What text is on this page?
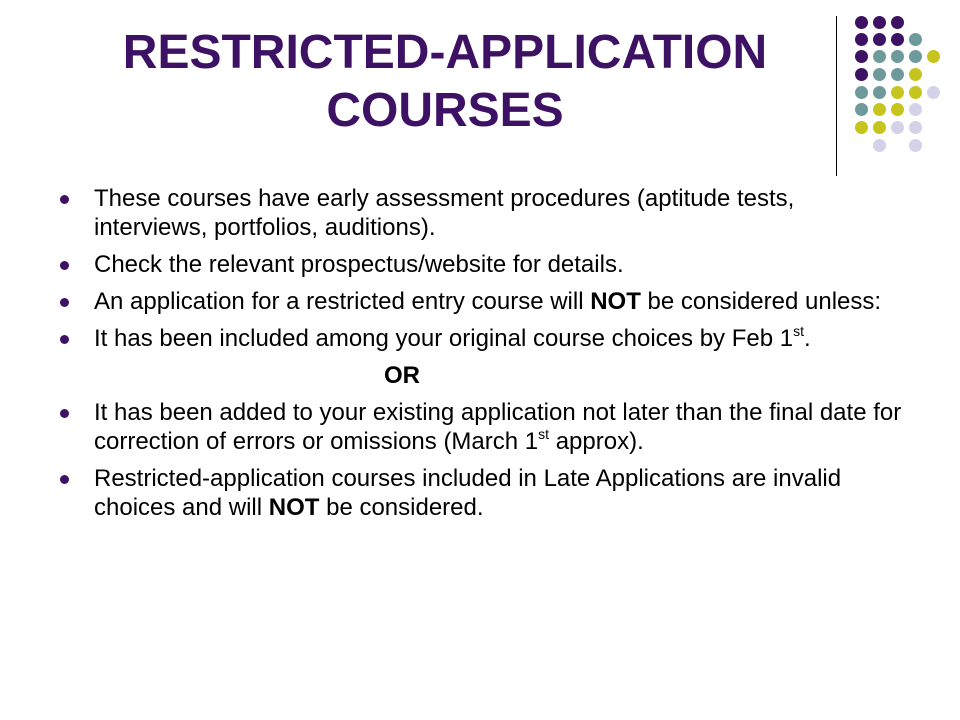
RESTRICTED-APPLICATION
COURSES
These courses have early assessment procedures (aptitude tests, interviews, portfolios, auditions).
Check the relevant prospectus/website for details.
An application for a restricted entry course will NOT be considered unless:
It has been included among your original course choices by Feb 1st.
OR
It has been added to your existing application not later than the final date for correction of errors or omissions (March 1st approx).
Restricted-application courses included in Late Applications are invalid choices and will NOT be considered.
